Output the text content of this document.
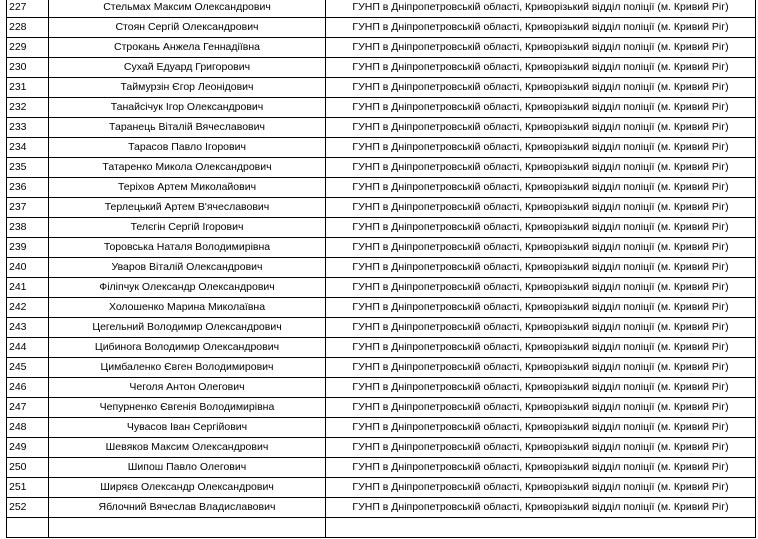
227	Стельмах Максим Олександрович	ГУНП в Дніпропетровській області, Криворізький відділ поліції (м. Кривий Ріг)
228	Стоян Сергій Олександрович	ГУНП в Дніпропетровській області, Криворізький відділ поліції (м. Кривий Ріг)
229	Строкань Анжела Геннадіївна	ГУНП в Дніпропетровській області, Криворізький відділ поліції (м. Кривий Ріг)
230	Сухай Едуард Григорович	ГУНП в Дніпропетровській області, Криворізький відділ поліції (м. Кривий Ріг)
231	Таймурзін Єгор Леонідович	ГУНП в Дніпропетровській області, Криворізький відділ поліції (м. Кривий Ріг)
232	Танайсічук Ігор Олександрович	ГУНП в Дніпропетровській області, Криворізький відділ поліції (м. Кривий Ріг)
233	Таранець Віталій Вячеславович	ГУНП в Дніпропетровській області, Криворізький відділ поліції (м. Кривий Ріг)
234	Тарасов Павло Ігорович	ГУНП в Дніпропетровській області, Криворізький відділ поліції (м. Кривий Ріг)
235	Татаренко Микола Олександрович	ГУНП в Дніпропетровській області, Криворізький відділ поліції (м. Кривий Ріг)
236	Теріхов Артем Миколайович	ГУНП в Дніпропетровській області, Криворізький відділ поліції (м. Кривий Ріг)
237	Терлецький Артем В'ячеславович	ГУНП в Дніпропетровській області, Криворізький відділ поліції (м. Кривий Ріг)
238	Телєгін Сергій Ігорович	ГУНП в Дніпропетровській області, Криворізький відділ поліції (м. Кривий Ріг)
239	Торовська Наталя Володимирівна	ГУНП в Дніпропетровській області, Криворізький відділ поліції (м. Кривий Ріг)
240	Уваров Віталій Олександрович	ГУНП в Дніпропетровській області, Криворізький відділ поліції (м. Кривий Ріг)
241	Філіпчук Олександр Олександрович	ГУНП в Дніпропетровській області, Криворізький відділ поліції (м. Кривий Ріг)
242	Холошенко Марина Миколаївна	ГУНП в Дніпропетровській області, Криворізький відділ поліції (м. Кривий Ріг)
243	Цегельний Володимир Олександрович	ГУНП в Дніпропетровській області, Криворізький відділ поліції (м. Кривий Ріг)
244	Цибинога Володимир Олександрович	ГУНП в Дніпропетровській області, Криворізький відділ поліції (м. Кривий Ріг)
245	Цимбаленко Євген Володимирович	ГУНП в Дніпропетровській області, Криворізький відділ поліції (м. Кривий Ріг)
246	Чеголя Антон Олегович	ГУНП в Дніпропетровській області, Криворізький відділ поліції (м. Кривий Ріг)
247	Чепурненко Євгенія Володимирівна	ГУНП в Дніпропетровській області, Криворізький відділ поліції (м. Кривий Ріг)
248	Чувасов Іван Сергійович	ГУНП в Дніпропетровській області, Криворізький відділ поліції (м. Кривий Ріг)
249	Шевяков Максим Олександрович	ГУНП в Дніпропетровській області, Криворізький відділ поліції (м. Кривий Ріг)
250	Шипош Павло Олегович	ГУНП в Дніпропетровській області, Криворізький відділ поліції (м. Кривий Ріг)
251	Ширяєв Олександр Олександрович	ГУНП в Дніпропетровській області, Криворізький відділ поліції (м. Кривий Ріг)
252	Яблочний Вячеслав Владиславович	ГУНП в Дніпропетровській області, Криворізький відділ поліції (м. Кривий Ріг)
